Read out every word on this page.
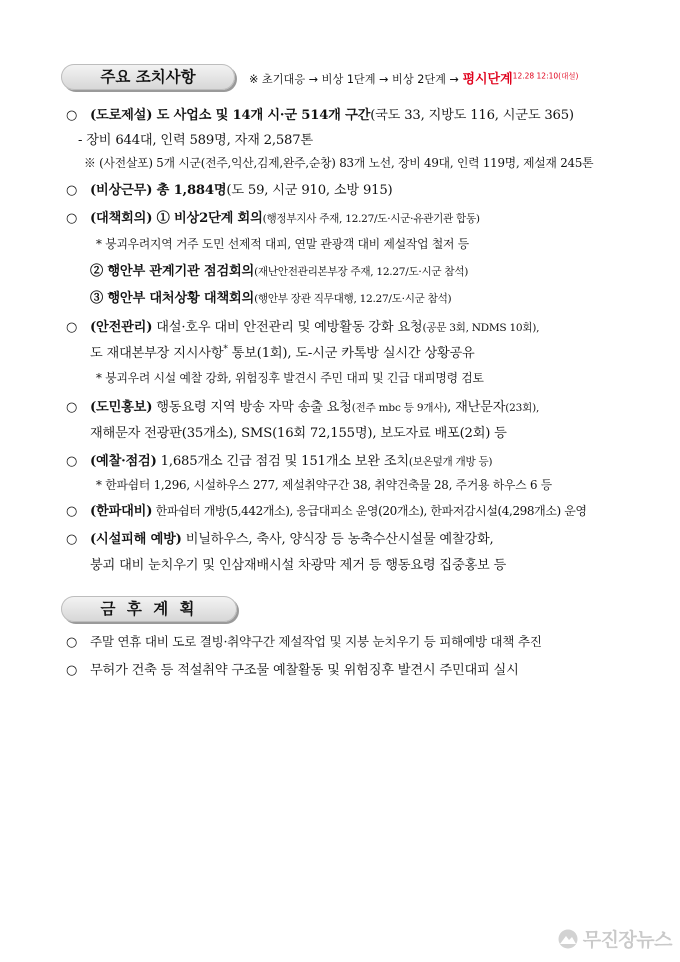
주요 조치사항	※ 초기대응 → 비상 1단계 → 비상 2단계 → 평시단계$^{12.28 12:10(대설)}$
○ (도로제설) 도 사업소 및 14개 시·군 514개 구간(국도 33, 지방도 116, 시군도 365)
- 장비 644대, 인력 589명, 자재 2,587톤
※ (사전살포) 5개 시군(전주,익산,김제,완주,순창) 83개 노선, 장비 49대, 인력 119명, 제설재 245톤
○ (비상근무) 총 1,884명(도 59, 시군 910, 소방 915)
○ (대책회의) ① 비상2단계 회의(행정부지사 주재, 12.27/도·시군·유관기관 합동)
* 붕괴우려지역 거주 도민 선제적 대피, 연말 관광객 대비 제설작업 철저 등
② 행안부 관계기관 점검회의(재난안전관리본부장 주재, 12.27/도·시군 참석)
③ 행안부 대처상황 대책회의(행안부 장관 직무대행, 12.27/도·시군 참석)
○ (안전관리) 대설·호우 대비 안전관리 및 예방활동 강화 요청(공문 3회, NDMS 10회),
도 재대본부장 지시사항* 통보(1회), 도-시군 카톡방 실시간 상황공유
* 붕괴우려 시설 예찰 강화, 위험징후 발견시 주민 대피 및 긴급 대피명령 검토
○ (도민홍보) 행동요령 지역 방송 자막 송출 요청(전주 mbc 등 9개사), 재난문자(23회),
재해문자 전광판(35개소), SMS(16회 72,155명), 보도자료 배포(2회) 등
○ (예찰·점검) 1,685개소 긴급 점검 및 151개소 보완 조치(보온덮개 개방 등)
* 한파쉼터 1,296, 시설하우스 277, 제설취약구간 38, 취약건축물 28, 주거용 하우스 6 등
○ (한파대비) 한파쉼터 개방(5,442개소), 응급대피소 운영(20개소), 한파저감시설(4,298개소) 운영
○ (시설피해 예방) 비닐하우스, 축사, 양식장 등 농축수산시설물 예찰강화,
붕괴 대비 눈치우기 및 인삼재배시설 차광막 제거 등 행동요령 집중홍보 등
금 후 계 획
○ 주말 연휴 대비 도로 결빙·취약구간 제설작업 및 지붕 눈치우기 등 피해예방 대책 추진
○ 무허가 건축 등 적설취약 구조물 예찰활동 및 위험징후 발견시 주민대피 실시
무진장뉴스
